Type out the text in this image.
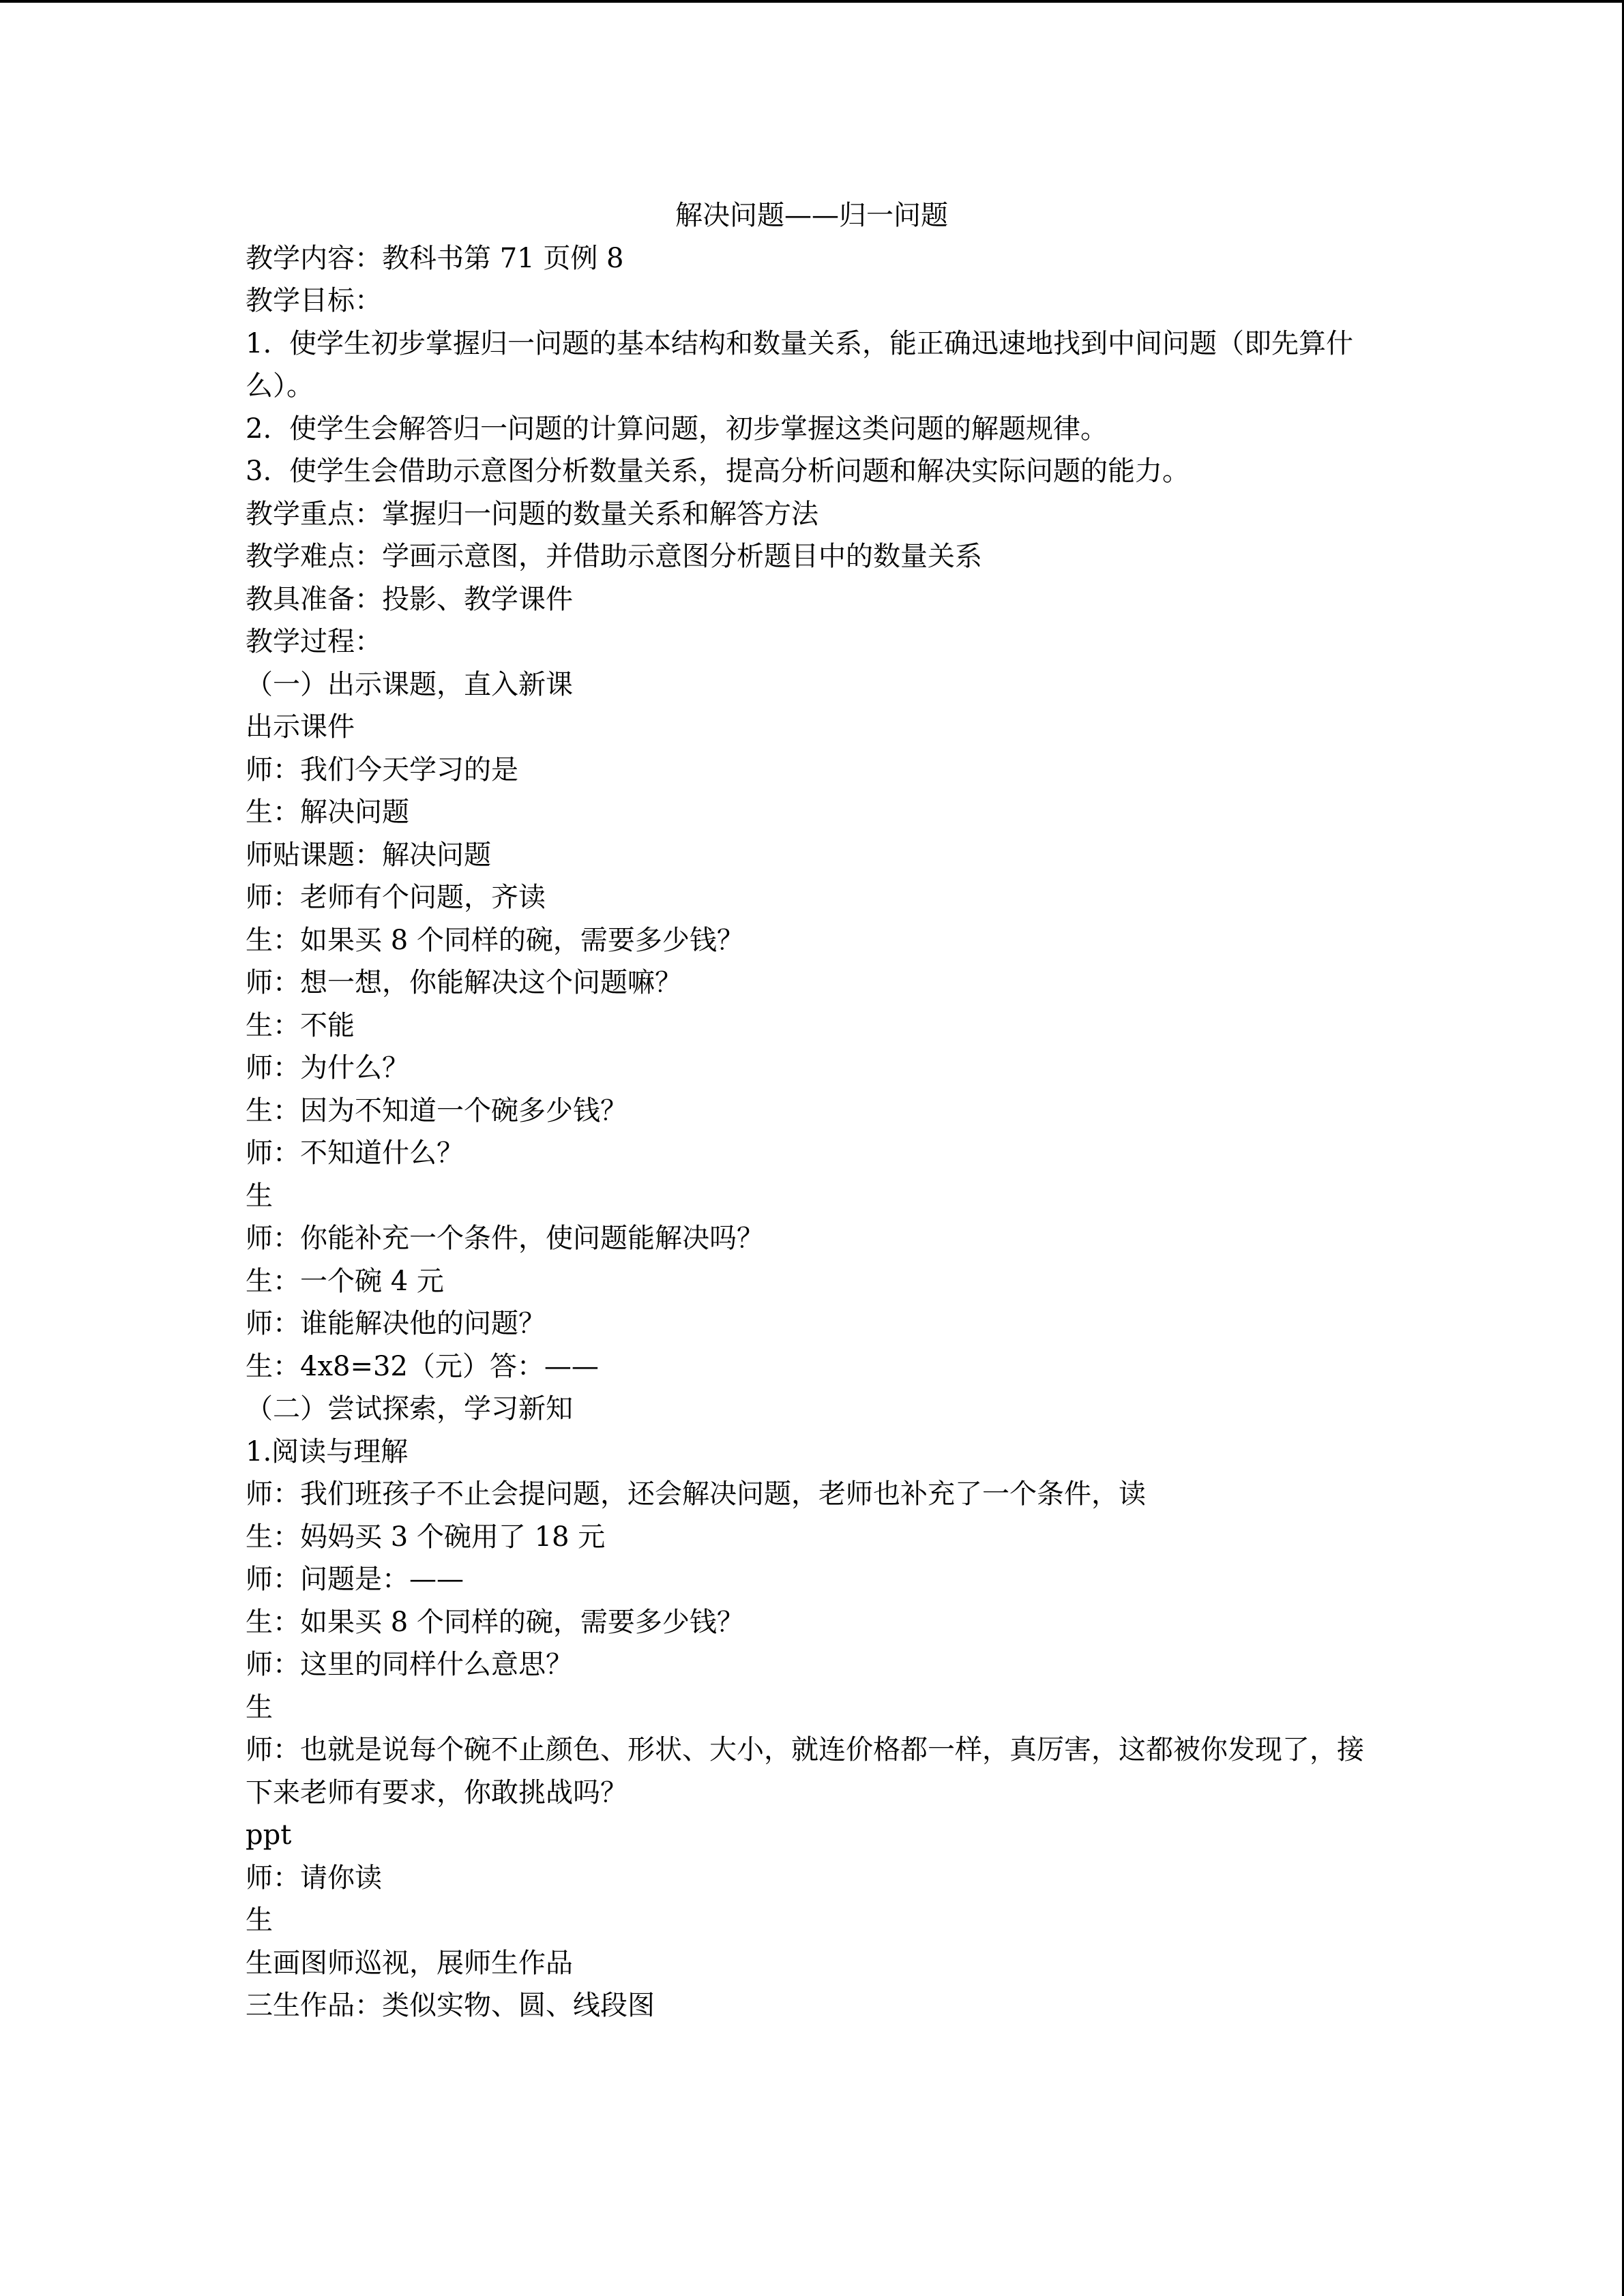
解决问题——归一问题
教学内容：教科书第 71 页例 8
教学目标：
1. 使学生初步掌握归一问题的基本结构和数量关系，能正确迅速地找到中间问题（即先算什么）。
2. 使学生会解答归一问题的计算问题，初步掌握这类问题的解题规律。
3. 使学生会借助示意图分析数量关系，提高分析问题和解决实际问题的能力。
教学重点：掌握归一问题的数量关系和解答方法
教学难点：学画示意图，并借助示意图分析题目中的数量关系
教具准备：投影、教学课件
教学过程：
（一）出示课题，直入新课
出示课件
师：我们今天学习的是
生：解决问题
师贴课题：解决问题
师：老师有个问题，齐读
生：如果买 8 个同样的碗，需要多少钱？
师：想一想，你能解决这个问题嘛？
生：不能
师：为什么？
生：因为不知道一个碗多少钱？
师：不知道什么？
生
师：你能补充一个条件，使问题能解决吗？
生：一个碗 4 元
师：谁能解决他的问题？
生：4x8=32（元）答：——
（二）尝试探索，学习新知
1.阅读与理解
师：我们班孩子不止会提问题，还会解决问题，老师也补充了一个条件，读
生：妈妈买 3 个碗用了 18 元
师：问题是：——
生：如果买 8 个同样的碗，需要多少钱？
师：这里的同样什么意思？
生
师：也就是说每个碗不止颜色、形状、大小，就连价格都一样，真厉害，这都被你发现了，接下来老师有要求，你敢挑战吗？
ppt
师：请你读
生
生画图师巡视，展师生作品
三生作品：类似实物、圆、线段图
